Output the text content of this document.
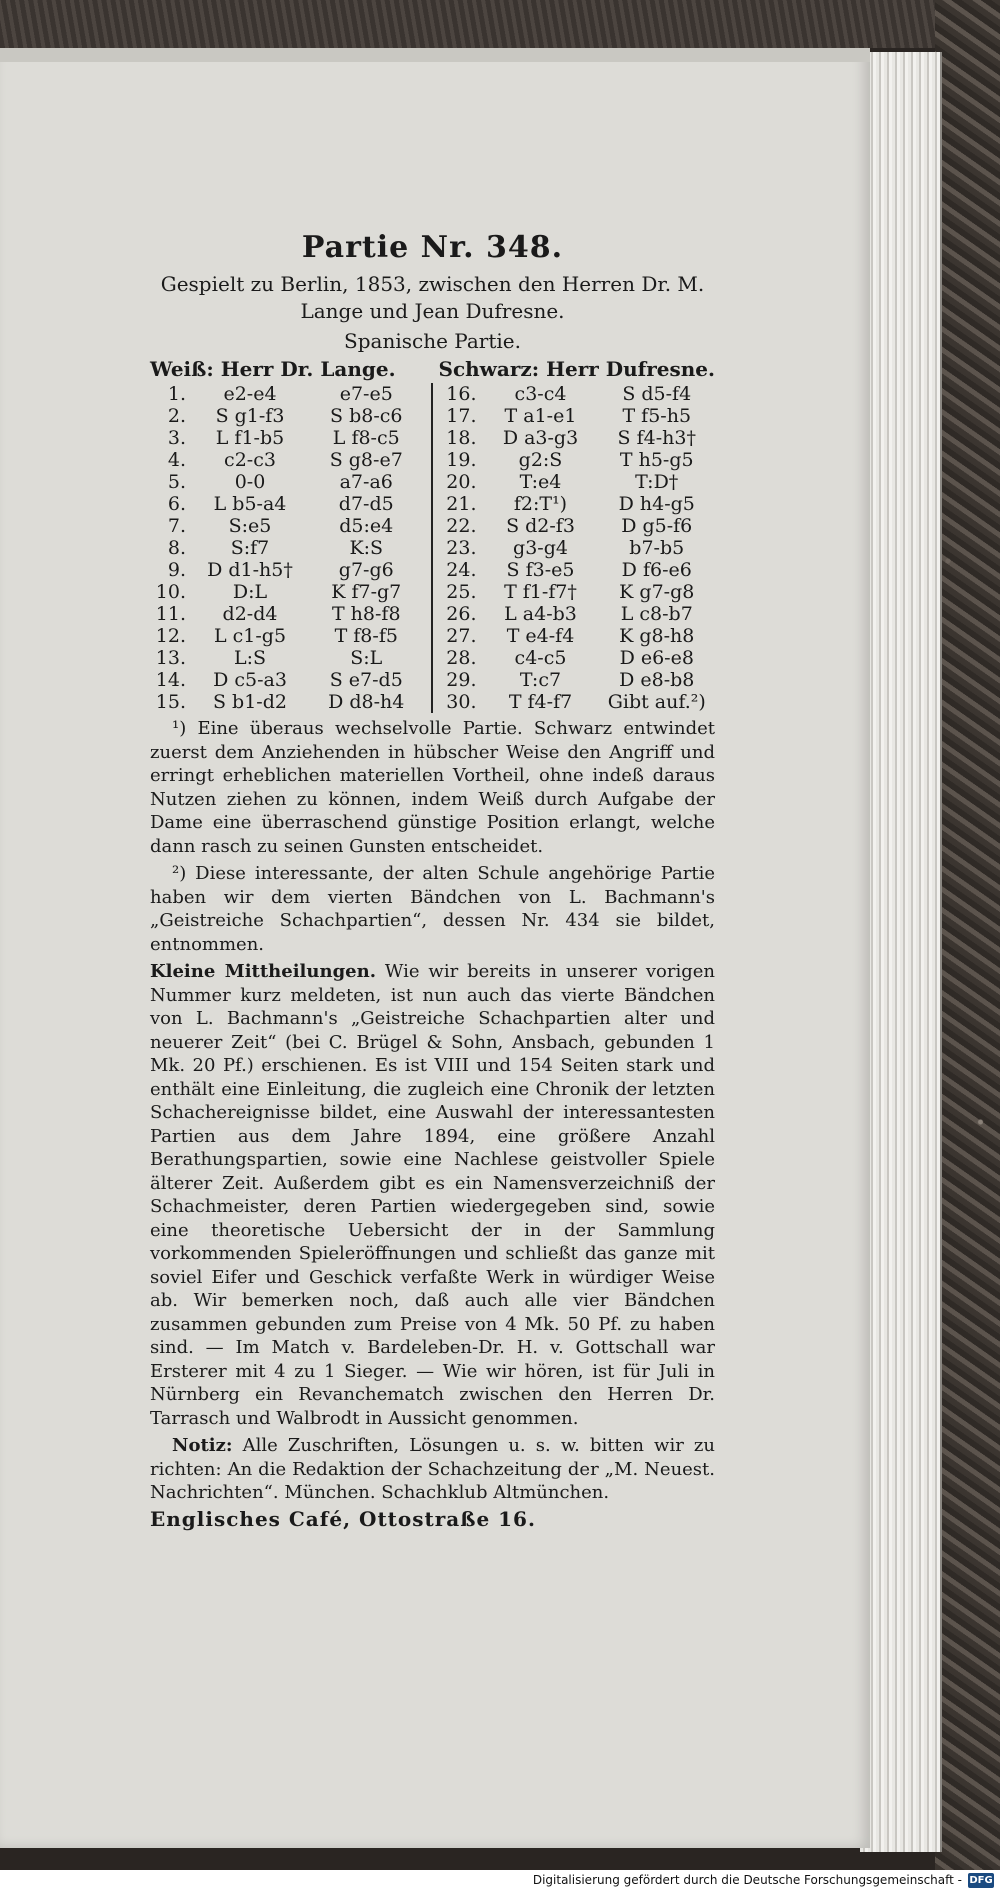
Partie Nr. 348.
Gespielt zu Berlin, 1853, zwischen den Herren Dr. M. Lange und Jean Dufresne.
Spanische Partie.
Weiß: Herr Dr. Lange. Schwarz: Herr Dufresne.
1.	e2-e4	e7-e5
2.	S g1-f3	S b8-c6
3.	L f1-b5	L f8-c5
4.	c2-c3	S g8-e7
5.	0-0	a7-a6
6.	L b5-a4	d7-d5
7.	S:e5	d5:e4
8.	S:f7	K:S
9.	D d1-h5†	g7-g6
10.	D:L	K f7-g7
11.	d2-d4	T h8-f8
12.	L c1-g5	T f8-f5
13.	L:S	S:L
14.	D c5-a3	S e7-d5
15.	S b1-d2	D d8-h4
16.	c3-c4	S d5-f4
17.	T a1-e1	T f5-h5
18.	D a3-g3	S f4-h3†
19.	g2:S	T h5-g5
20.	T:e4	T:D†
21.	f2:T¹)	D h4-g5
22.	S d2-f3	D g5-f6
23.	g3-g4	b7-b5
24.	S f3-e5	D f6-e6
25.	T f1-f7†	K g7-g8
26.	L a4-b3	L c8-b7
27.	T e4-f4	K g8-h8
28.	c4-c5	D e6-e8
29.	T:c7	D e8-b8
30.	T f4-f7	Gibt auf.²)
¹) Eine überaus wechselvolle Partie. Schwarz entwindet zuerst dem Anziehenden in hübscher Weise den Angriff und erringt erheblichen materiellen Vortheil, ohne indeß daraus Nutzen ziehen zu können, indem Weiß durch Aufgabe der Dame eine überraschend günstige Position erlangt, welche dann rasch zu seinen Gunsten entscheidet.
²) Diese interessante, der alten Schule angehörige Partie haben wir dem vierten Bändchen von L. Bachmann's „Geistreiche Schachpartien“, dessen Nr. 434 sie bildet, entnommen.
Kleine Mittheilungen. Wie wir bereits in unserer vorigen Nummer kurz meldeten, ist nun auch das vierte Bändchen von L. Bachmann's „Geistreiche Schachpartien alter und neuerer Zeit“ (bei C. Brügel & Sohn, Ansbach, gebunden 1 Mk. 20 Pf.) erschienen. Es ist VIII und 154 Seiten stark und enthält eine Einleitung, die zugleich eine Chronik der letzten Schachereignisse bildet, eine Auswahl der interessantesten Partien aus dem Jahre 1894, eine größere Anzahl Berathungspartien, sowie eine Nachlese geistvoller Spiele älterer Zeit. Außerdem gibt es ein Namensverzeichniß der Schachmeister, deren Partien wiedergegeben sind, sowie eine theoretische Uebersicht der in der Sammlung vorkommenden Spieleröffnungen und schließt das ganze mit soviel Eifer und Geschick verfaßte Werk in würdiger Weise ab. Wir bemerken noch, daß auch alle vier Bändchen zusammen gebunden zum Preise von 4 Mk. 50 Pf. zu haben sind. — Im Match v. Bardeleben-Dr. H. v. Gottschall war Ersterer mit 4 zu 1 Sieger. — Wie wir hören, ist für Juli in Nürnberg ein Revanchematch zwischen den Herren Dr. Tarrasch und Walbrodt in Aussicht genommen.
Notiz: Alle Zuschriften, Lösungen u. s. w. bitten wir zu richten: An die Redaktion der Schachzeitung der „M. Neuest. Nachrichten“. München. Schachklub Altmünchen.
Englisches Café, Ottostraße 16.
Digitalisierung gefördert durch die Deutsche Forschungsgemeinschaft - DFG
